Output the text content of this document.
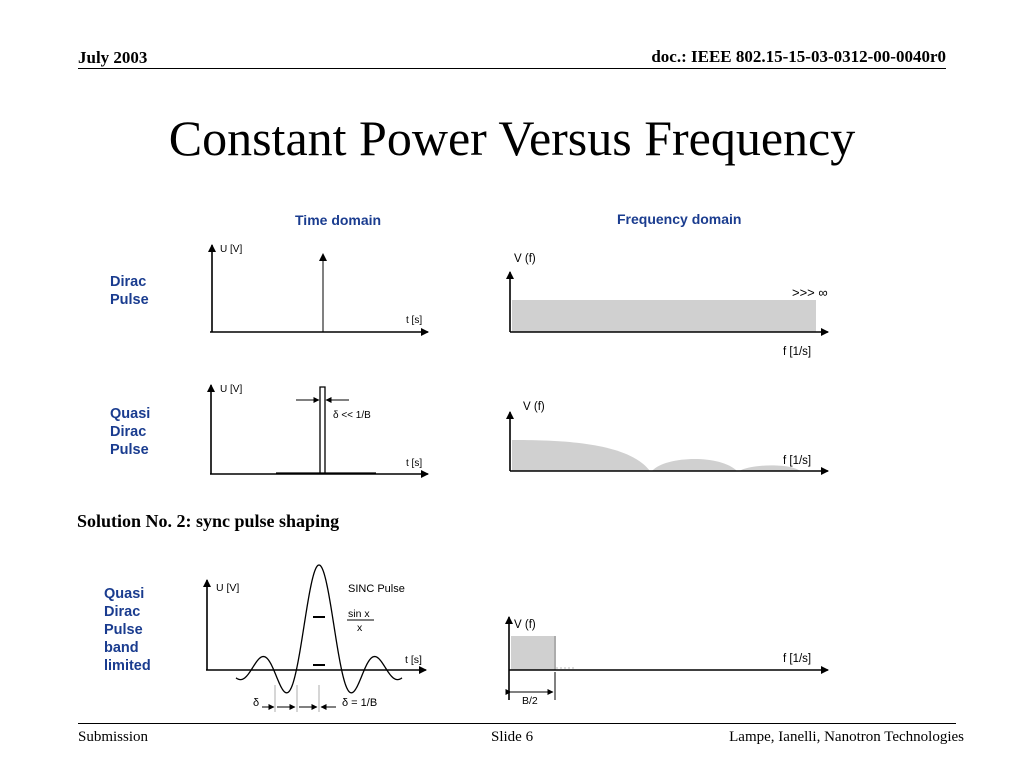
July 2003	doc.: IEEE 802.15-15-03-0312-00-0040r0
Constant Power Versus Frequency
Time domain	Frequency domain
Dirac
Pulse
Quasi
Dirac
Pulse
Quasi
Dirac
Pulse
band
limited
Solution No. 2: sync pulse shaping
U [V]
t [s]
V (f)
>>> ∞
f [1/s]
U [V]
δ << 1/B
t [s]
V (f)
f [1/s]
U [V]	SINC Pulse
sin x
x
t [s]
δ	δ = 1/B
V (f)
f [1/s]
B/2
Submission	Slide 6	Lampe, Ianelli, Nanotron Technologies
